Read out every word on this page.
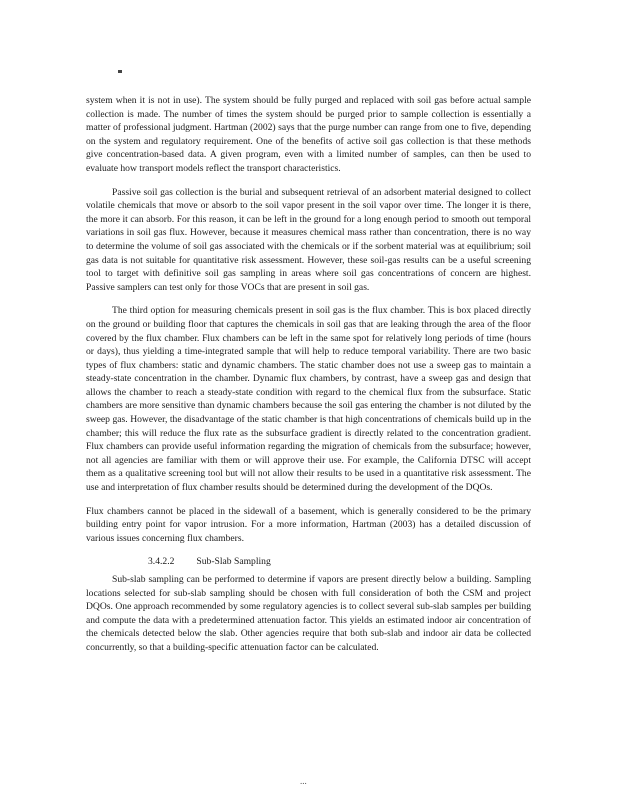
system when it is not in use). The system should be fully purged and replaced with soil gas before actual sample collection is made. The number of times the system should be purged prior to sample collection is essentially a matter of professional judgment. Hartman (2002) says that the purge number can range from one to five, depending on the system and regulatory requirement. One of the benefits of active soil gas collection is that these methods give concentration-based data. A given program, even with a limited number of samples, can then be used to evaluate how transport models reflect the transport characteristics.

Passive soil gas collection is the burial and subsequent retrieval of an adsorbent material designed to collect volatile chemicals that move or absorb to the soil vapor present in the soil vapor over time. The longer it is there, the more it can absorb. For this reason, it can be left in the ground for a long enough period to smooth out temporal variations in soil gas flux. However, because it measures chemical mass rather than concentration, there is no way to determine the volume of soil gas associated with the chemicals or if the sorbent material was at equilibrium; soil gas data is not suitable for quantitative risk assessment. However, these soil-gas results can be a useful screening tool to target with definitive soil gas sampling in areas where soil gas concentrations of concern are highest. Passive samplers can test only for those VOCs that are present in soil gas.

The third option for measuring chemicals present in soil gas is the flux chamber. This is box placed directly on the ground or building floor that captures the chemicals in soil gas that are leaking through the area of the floor covered by the flux chamber. Flux chambers can be left in the same spot for relatively long periods of time (hours or days), thus yielding a time-integrated sample that will help to reduce temporal variability. There are two basic types of flux chambers: static and dynamic chambers. The static chamber does not use a sweep gas to maintain a steady-state concentration in the chamber. Dynamic flux chambers, by contrast, have a sweep gas and design that allows the chamber to reach a steady-state condition with regard to the chemical flux from the subsurface. Static chambers are more sensitive than dynamic chambers because the soil gas entering the chamber is not diluted by the sweep gas. However, the disadvantage of the static chamber is that high concentrations of chemicals build up in the chamber; this will reduce the flux rate as the subsurface gradient is directly related to the concentration gradient. Flux chambers can provide useful information regarding the migration of chemicals from the subsurface; however, not all agencies are familiar with them or will approve their use. For example, the California DTSC will accept them as a qualitative screening tool but will not allow their results to be used in a quantitative risk assessment. The use and interpretation of flux chamber results should be determined during the development of the DQOs.

Flux chambers cannot be placed in the sidewall of a basement, which is generally considered to be the primary building entry point for vapor intrusion. For a more information, Hartman (2003) has a detailed discussion of various issues concerning flux chambers.

3.4.2.2 Sub-Slab Sampling

Sub-slab sampling can be performed to determine if vapors are present directly below a building. Sampling locations selected for sub-slab sampling should be chosen with full consideration of both the CSM and project DQOs. One approach recommended by some regulatory agencies is to collect several sub-slab samples per building and compute the data with a predetermined attenuation factor. This yields an estimated indoor air concentration of the chemicals detected below the slab. Other agencies require that both sub-slab and indoor air data be collected concurrently, so that a building-specific attenuation factor can be calculated.

...
